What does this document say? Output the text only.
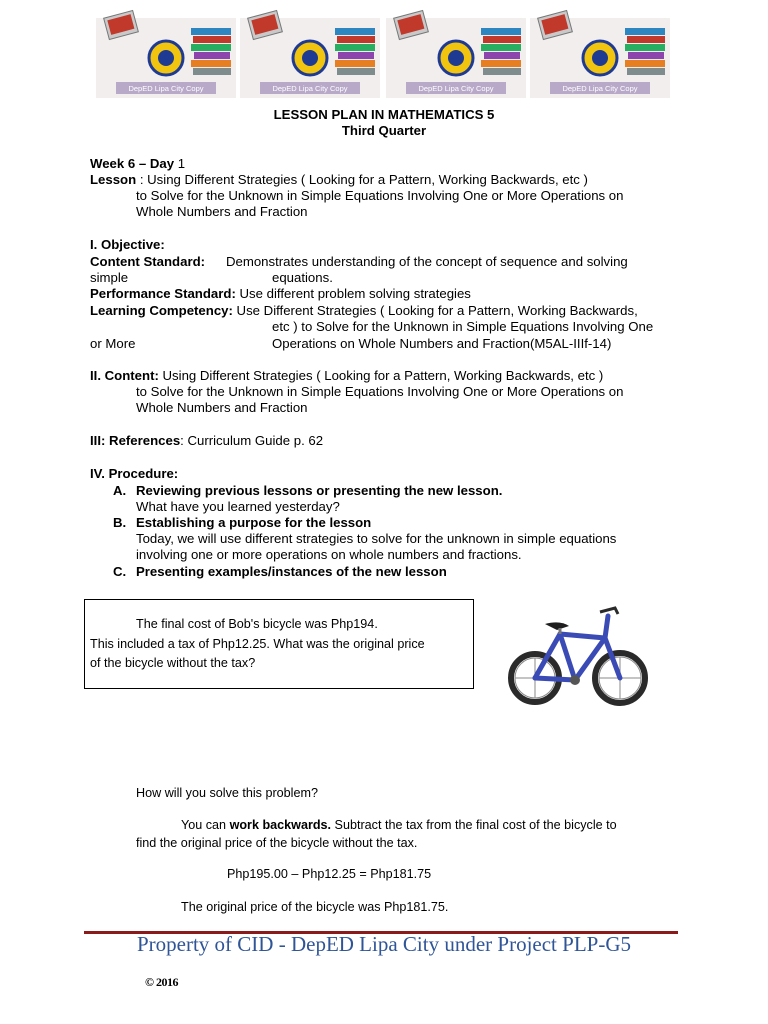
DepED Lipa City Copy	DepED Lipa City Copy	DepED Lipa City Copy	DepED Lipa City Copy
LESSON PLAN IN MATHEMATICS 5
Third Quarter
Week 6 – Day 1
Lesson : Using Different Strategies ( Looking for a Pattern, Working Backwards, etc )
to Solve for the Unknown in Simple Equations Involving One or More Operations on
Whole Numbers and Fraction
I. Objective:
Content Standard: Demonstrates understanding of the concept of sequence and solving
simple	equations.
Performance Standard: Use different problem solving strategies
Learning Competency: Use Different Strategies ( Looking for a Pattern, Working Backwards,
etc ) to Solve for the Unknown in Simple Equations Involving One
or More	Operations on Whole Numbers and Fraction(M5AL-IIIf-14)
II. Content: Using Different Strategies ( Looking for a Pattern, Working Backwards, etc )
to Solve for the Unknown in Simple Equations Involving One or More Operations on
Whole Numbers and Fraction
III: References: Curriculum Guide p. 62
IV. Procedure:
A. Reviewing previous lessons or presenting the new lesson.
What have you learned yesterday?
B. Establishing a purpose for the lesson
Today, we will use different strategies to solve for the unknown in simple equations
involving one or more operations on whole numbers and fractions.
C. Presenting examples/instances of the new lesson
The final cost of Bob's bicycle was Php194.
This included a tax of Php12.25. What was the original price
of the bicycle without the tax?
How will you solve this problem?
You can work backwards. Subtract the tax from the final cost of the bicycle to
find the original price of the bicycle without the tax.
Php195.00 – Php12.25 = Php181.75
The original price of the bicycle was Php181.75.
Property of CID - DepED Lipa City under Project PLP-G5
© 2016
